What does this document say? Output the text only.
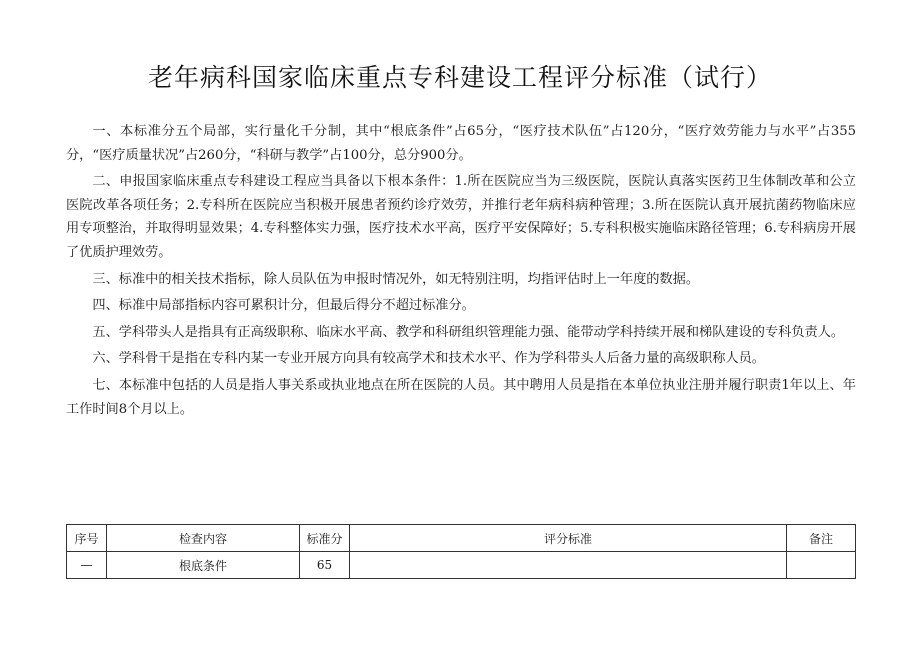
老年病科国家临床重点专科建设工程评分标准（试行）

一、本标准分五个局部，实行量化千分制，其中“根底条件”占65分，“医疗技术队伍”占120分，“医疗效劳能力与水平”占355分，“医疗质量状况”占260分，“科研与教学”占100分，总分900分。

二、申报国家临床重点专科建设工程应当具备以下根本条件：1.所在医院应当为三级医院，医院认真落实医药卫生体制改革和公立医院改革各项任务；2.专科所在医院应当积极开展患者预约诊疗效劳，并推行老年病科病种管理；3.所在医院认真开展抗菌药物临床应用专项整治，并取得明显效果；4.专科整体实力强，医疗技术水平高，医疗平安保障好；5.专科积极实施临床路径管理；6.专科病房开展了优质护理效劳。

三、标准中的相关技术指标，除人员队伍为申报时情况外，如无特别注明，均指评估时上一年度的数据。

四、标准中局部指标内容可累积计分，但最后得分不超过标准分。

五、学科带头人是指具有正高级职称、临床水平高、教学和科研组织管理能力强、能带动学科持续开展和梯队建设的专科负责人。

六、学科骨干是指在专科内某一专业开展方向具有较高学术和技术水平、作为学科带头人后备力量的高级职称人员。

七、本标准中包括的人员是指人事关系或执业地点在所在医院的人员。其中聘用人员是指在本单位执业注册并履行职责1年以上、年工作时间8个月以上。

序号	检查内容	标准分	评分标准	备注
—	根底条件	65		
